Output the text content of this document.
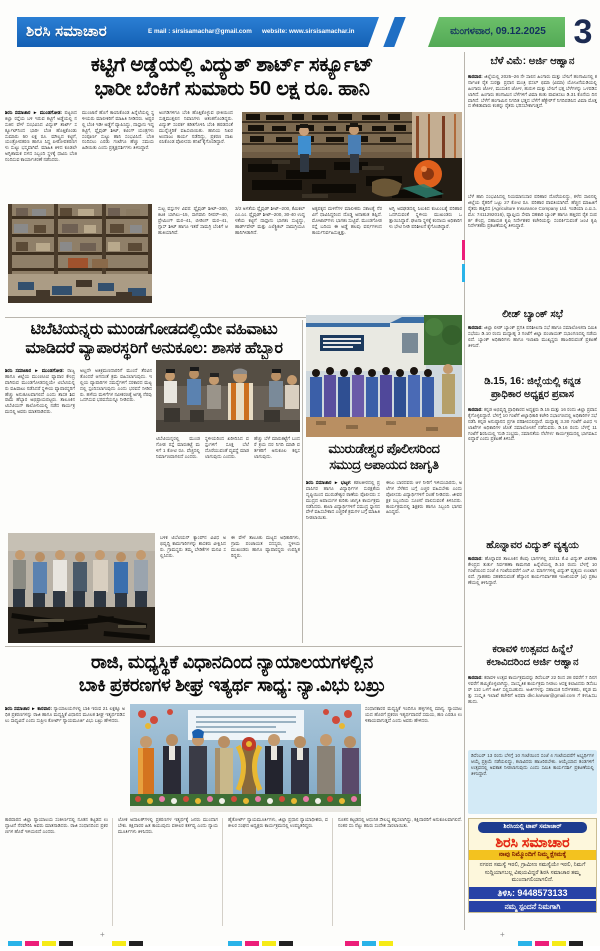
ಶಿರಸಿ ಸಮಾಚಾರ	E mail : sirsisamachar@gmail.com	website: www.sirsisamachar.in	ಮಂಗಳವಾರ, 09.12.2025 3
ಕಟ್ಟಿಗೆ ಅಡ್ಡೆಯಲ್ಲಿ ವಿದ್ಯುತ್ ಶಾರ್ಟ್ ಸರ್ಕ್ಯೂಟ್
ಭಾರೀ ಬೆಂಕಿಗೆ ಸುಮಾರು 50 ಲಕ್ಷ ರೂ. ಹಾನಿ
ಶಿರಸಿ ಸಮಾಚಾರ ► ಮುಂಡಗೋಡ: ಪಟ್ಟಣದ ಕಿಲ್ಲಾ ರಸ್ತೆಯ ಬಳಿ ಇರುವ ಕಟ್ಟಿಗೆ ಅಡ್ಡೆಯಲ್ಲಿ ನಸುಕಿನ ವೇಳೆ ಸಂಭವಿಸಿದ ವಿದ್ಯುತ್ ಶಾರ್ಟ್ ಸರ್ಕ್ಯೂಟ್‌ನಿಂದ ಭಾರೀ ಬೆಂಕಿ ಹೊತ್ತಿಕೊಂಡು ಸುಮಾರು 50 ಲಕ್ಷ ರೂ. ಮೌಲ್ಯದ ಕಟ್ಟಿಗೆ, ಯಂತ್ರೋಪಕರಣ ಹಾಗೂ ಸಿದ್ಧ ಪೀಠೋಪಕರಣಗಳು ಸುಟ್ಟು ಭಸ್ಮವಾಗಿವೆ. ಮಾಹಿತಿ ತಿಳಿದ ಕೂಡಲೇ ಅಗ್ನಿಶಾಮಕ ದಳದ ಸಿಬ್ಬಂದಿ ಸ್ಥಳಕ್ಕೆ ಧಾವಿಸಿ ಬೆಂಕಿ ನಂದಿಸುವ ಕಾರ್ಯಾಚರಣೆ ನಡೆಸಿದರು.
ಮುಂಜಾನೆ ಹೊಗೆ ಕಾಣಿಸಿಕೊಂಡ ಹಿನ್ನೆಲೆಯಲ್ಲಿ ಸ್ಥಳೀಯರು ಮಾಲೀಕರಿಗೆ ಮಾಹಿತಿ ನೀಡಿದರು. ಅಷ್ಟರಲ್ಲಿ ಬೆಂಕಿ ಇಡೀ ಅಡ್ಡೆಗೆ ವ್ಯಾಪಿಸಿದ್ದು, ದಾಸ್ತಾನು ಇದ್ದ ಕಟ್ಟಿಗೆ, ಪ್ಲೈವುಡ್ ಶೀಟ್, ಕಟಿಂಗ್ ಯಂತ್ರಗಳು ಸಂಪೂರ್ಣ ಸುಟ್ಟು ಹಾನಿ ಸಂಭವಿಸಿದೆ. ಬೆಂಕಿ ನಂದಿಸಲು ಎರಡು ಗಂಟೆಗೂ ಹೆಚ್ಚು ಸಮಯ ಹಿಡಿಯಿತು ಎಂದು ಪ್ರತ್ಯಕ್ಷದರ್ಶಿಗಳು ತಿಳಿಸಿದ್ದಾರೆ.
ಅಂಗಡಿಗಳಿಗೂ ಬೆಂಕಿ ಹೊತ್ತಿಕೊಳ್ಳುವ ಭೀತಿಯಿಂದ ಸುತ್ತಮುತ್ತಲಿನ ನಿವಾಸಿಗಳು ಆತಂಕಗೊಂಡಿದ್ದರು. ವಿದ್ಯುತ್ ಸಂಪರ್ಕ ಕಡಿತಗೊಳಿಸಿ ಬೆಂಕಿ ಹರಡದಂತೆ ಮುನ್ನೆಚ್ಚರಿಕೆ ವಹಿಸಲಾಯಿತು. ಹಾನಿಯ ನಿಖರ ಅಂದಾಜು ಕಾರ್ಯ ನಡೆದಿದ್ದು, ಪ್ರಕರಣ ದಾಖಲಿಸಿಕೊಂಡ ಪೊಲೀಸರು ತನಿಖೆ ಕೈಗೊಂಡಿದ್ದಾರೆ.
ಸುಟ್ಟ ವಸ್ತುಗಳ ವಿವರ: ಪ್ಲೈವುಡ್ ಶೀಟ್–300, ಕಿಟಕಿ ಬಾಗಿಲು–15, ಸಾಗವಾನಿ ರೀಪರ್–40, ಫ್ರೇಮಿಂಗ್ ಮರ–41, ಬೀಡಿಂಗ್ ಮರ–41, ಗ್ಲಾಸ್ ಶೀಟ್ ಹಾಗೂ ಇತರೆ ಸಾಮಗ್ರಿ ಬೆಂಕಿಗೆ ಆಹುತಿಯಾಗಿವೆ.
3/2 ಅಳತೆಯ ಪ್ಲೈವುಡ್ ಶೀಟ್–200, ಕೆಮಿಕಲ್ ಎಂ.ಎಂ. ಪ್ಲೈವುಡ್ ಶೀಟ್–200, 30-40 ಉದ್ದಳತೆಯ ಕಟ್ಟಿಗೆ ದಾಸ್ತಾನು ಭಾಗಶಃ ಸುಟ್ಟಿದ್ದು, ಹಾರ್ಡ್‌ವೇರ್ ಮತ್ತು ಎಲೆಕ್ಟ್ರಿಕಲ್ ಸಾಮಗ್ರಿಯೂ ಹಾನಿಗೀಡಾಗಿದೆ.
ಅಕ್ಕಪಕ್ಕದ ಮಳಿಗೆಗಳ ಮಾಲೀಕರು ಸಕಾಲಕ್ಕೆ ನೆರವಿಗೆ ಧಾವಿಸಿದ್ದರಿಂದ ದೊಡ್ಡ ಅನಾಹುತ ತಪ್ಪಿದೆ. ಮೋಟಾರ್‌ಗಳು ಭಾಗಶಃ ಸುಟ್ಟಿವೆ. ಮುಂಡಗೋಡ ರಸ್ತೆ ಬದಿಯ ಈ ಅಡ್ಡೆ ಹಲವು ವರ್ಷಗಳಿಂದ ಕಾರ್ಯನಿರ್ವಹಿಸುತ್ತಿತ್ತು.
ಅಗ್ನಿ ಅವಘಡದಲ್ಲಿ ಸಿಲುಕಿದ ಕುಟುಂಬಕ್ಕೆ ಪರಿಹಾರ ಒದಗಿಸುವಂತೆ ಸ್ಥಳೀಯ ಮುಖಂಡರು ಒತ್ತಾಯಿಸಿದ್ದಾರೆ. ಘಟನಾ ಸ್ಥಳಕ್ಕೆ ಕಂದಾಯ ಅಧಿಕಾರಿಗಳು ಭೇಟಿ ನೀಡಿ ಪರಿಶೀಲನೆ ಕೈಗೊಂಡಿದ್ದಾರೆ.
ಟಿಬೆಟಿಯನ್ನರು ಮುಂಡಗೋಡದಲ್ಲಿಯೇ ವಹಿವಾಟು
ಮಾಡಿದರೆ ವ್ಯಾಪಾರಸ್ಥರಿಗೆ ಅನುಕೂಲ: ಶಾಸಕ ಹೆಬ್ಬಾರ
ಶಿರಸಿ ಸಮಾಚಾರ ► ಮುಂಡಗೋಡ: ರಾಜ್ಯ ಹಾಗೂ ಜಿಲ್ಲೆಯ ಮುಂಚೂಣಿ ವ್ಯಾಪಾರ ಕೇಂದ್ರವಾಗಿರುವ ಮುಂಡಗೋಡದಲ್ಲಿಯೇ ಟಿಬೆಟಿಯನ್ನರು ವಹಿವಾಟು ನಡೆಸಿದರೆ ಸ್ಥಳೀಯ ವ್ಯಾಪಾರಸ್ಥರಿಗೆ ಹೆಚ್ಚು ಅನುಕೂಲವಾಗಲಿದೆ ಎಂದು ಶಾಸಕ ಶಿವರಾಮ ಹೆಬ್ಬಾರ ಅಭಿಪ್ರಾಯಪಟ್ಟರು. ತಾಲೂಕಿನ ಟಿಬೆಟಿಯನ್ ಕಾಲೋನಿಯಲ್ಲಿ ನಡೆದ ಕಾರ್ಯಕ್ರಮದಲ್ಲಿ ಅವರು ಮಾತನಾಡಿದರು.
ಅಲ್ಲದೇ ಅತಿಕ್ರಮಣದಾರರಿಗೆ ಮುಂದೆ ತೆರವಿನ ತೊಂದರೆ ಆಗದಂತೆ ಕ್ರಮ ವಹಿಸಲಾಗುವುದು. ಇಲ್ಲಿಯ ವ್ಯಾಪಾರಿಗಳ ಸಮಸ್ಯೆಗಳಿಗೆ ಸರಕಾರದ ಮಟ್ಟದಲ್ಲಿ ಸ್ಪಂದಿಸಲಾಗುವುದು ಎಂದು ಭರವಸೆ ನೀಡಿದರು. ಹಳೆಯ ಮಳಿಗೆಗಳ ನವೀಕರಣಕ್ಕೆ ಅಗತ್ಯ ನೆರವು ಒದಗಿಸುವ ಭರವಸೆಯನ್ನೂ ನೀಡಿದರು.
ಟಿಬೆಟಿಯನ್ನರಲ್ಲಿ ಮುಂಡಗೋಡ ರಸ್ತೆ ಮಾರುಕಟ್ಟೆ ಮಳಿಗೆ 1 ಕೋಟಿ ರೂ. ವೆಚ್ಚದಲ್ಲಿ ನಿರ್ಮಾಣವಾಗಲಿದೆ ಎಂದರು.
ಸ್ಥಳೀಯರಿಂದ ಖರೀದಿಸಿದ ವಸ್ತುಗಳಿಗೆ ಸೂಕ್ತ ಬೆಲೆ ದೊರೆಯುವಂತೆ ವ್ಯವಸ್ಥೆ ಮಾಡಲಾಗುವುದು ಎಂದರು.
ಹೆಚ್ಚು ಬೆಳೆ ಮಾರುಕಟ್ಟೆಗೆ ಬಂದರೆ ಕ್ರಯ ದರ ನಿಗದಿ ಮಾಡಿ ವರ್ತಕರಿಗೆ ಅನುಕೂಲ ಕಲ್ಪಿಸಲಾಗುವುದು.
ಬಳಿಕ ಟಿಬೆಟಿಯನ್ ಕ್ಯಾಂಪ್‌ನ ವಿವಿಧ ಅಭಿವೃದ್ಧಿ ಕಾಮಗಾರಿಗಳನ್ನು ಶಾಸಕರು ವೀಕ್ಷಿಸಿದರು. ಗ್ರಾಮಸ್ಥರು ತಮ್ಮ ಬೇಡಿಕೆಗಳ ಮನವಿ ಸಲ್ಲಿಸಿದರು.
ಈ ವೇಳೆ ತಾಲೂಕು ಮಟ್ಟದ ಅಧಿಕಾರಿಗಳು, ಗ್ರಾಮ ಪಂಚಾಯತ ಸದಸ್ಯರು, ಸ್ಥಳೀಯ ಮುಖಂಡರು ಹಾಗೂ ವ್ಯಾಪಾರಸ್ಥರು ಉಪಸ್ಥಿತರಿದ್ದರು.
ಮುರುಡೇಶ್ವರ ಪೊಲೀಸರಿಂದ
ಸಮುದ್ರ ಅಪಾಯದ ಜಾಗೃತಿ
ಶಿರಸಿ ಸಮಾಚಾರ ► ಭಟ್ಕಳ: ಕಡಲತೀರದಲ್ಲಿ ಪ್ರವಾಸಿಗರ ಹಾಗೂ ವಿದ್ಯಾರ್ಥಿಗಳ ಸುರಕ್ಷತೆಯ ದೃಷ್ಟಿಯಿಂದ ಮುರುಡೇಶ್ವರ ಠಾಣೆಯ ಪೊಲೀಸರು ಸಮುದ್ರದ ಅಪಾಯಗಳ ಕುರಿತು ಜಾಗೃತಿ ಕಾರ್ಯಕ್ರಮ ನಡೆಸಿದರು. ಶಾಲಾ ವಿದ್ಯಾರ್ಥಿಗಳಿಗೆ ಸಮುದ್ರ ಸ್ನಾನದ ವೇಳೆ ವಹಿಸಬೇಕಾದ ಎಚ್ಚರಿಕೆ ಕ್ರಮಗಳ ಬಗ್ಗೆ ಮಾಹಿತಿ ನೀಡಲಾಯಿತು.
ಈಜು ಬಾರದವರು ಆಳ ನೀರಿಗೆ ಇಳಿಯಬಾರದು, ಅಲೆಗಳ ಸೆಳೆತದ ಬಗ್ಗೆ ಎಚ್ಚರ ವಹಿಸಬೇಕು ಎಂದು ಪೊಲೀಸರು ವಿದ್ಯಾರ್ಥಿಗಳಿಗೆ ಸಲಹೆ ನೀಡಿದರು. ಜೀವರಕ್ಷಕ ಸಿಬ್ಬಂದಿಯ ಸೂಚನೆ ಪಾಲಿಸುವಂತೆ ತಿಳಿಸಿದರು. ಕಾರ್ಯಕ್ರಮದಲ್ಲಿ ಶಿಕ್ಷಕರು ಹಾಗೂ ಸಿಬ್ಬಂದಿ ಭಾಗವಹಿಸಿದ್ದರು.
ರಾಜಿ, ಮಧ್ಯಸ್ಥಿಕೆ ವಿಧಾನದಿಂದ ನ್ಯಾಯಾಲಯಗಳಲ್ಲಿನ
ಬಾಕಿ ಪ್ರಕರಣಗಳ ಶೀಘ್ರ ಇತ್ಯರ್ಥ ಸಾಧ್ಯ: ನ್ಯಾ.ವಿಭು ಬಖ್ರು
ಶಿರಸಿ ಸಮಾಚಾರ ► ಕಾರವಾರ: ನ್ಯಾಯಾಲಯಗಳಲ್ಲಿ ಬಾಕಿ ಇರುವ 21 ಲಕ್ಷಕ್ಕೂ ಅಧಿಕ ಪ್ರಕರಣಗಳನ್ನು ರಾಜಿ ಹಾಗೂ ಮಧ್ಯಸ್ಥಿಕೆ ವಿಧಾನದ ಮೂಲಕ ಶೀಘ್ರ ಇತ್ಯರ್ಥಪಡಿಸಲು ಸಾಧ್ಯವಿದೆ ಎಂದು ಸುಪ್ರೀಂ ಕೋರ್ಟ್ ನ್ಯಾಯಮೂರ್ತಿ ವಿಭು ಬಖ್ರು ಹೇಳಿದರು.
ಸಂಧಾನಕಾರರ ಮಧ್ಯಸ್ಥಿಕೆ ಇಂದಿಗೂ ಹಳ್ಳಿಗಳಲ್ಲಿ ಮಾನ್ಯ. ನ್ಯಾಯಾಲಯದ ಹೊರಗೆ ಪ್ರಕರಣ ಇತ್ಯರ್ಥವಾದರೆ ಸಮಯ, ಹಣ ಎರಡೂ ಉಳಿತಾಯವಾಗುತ್ತದೆ ಎಂದು ಅವರು ಹೇಳಿದರು.
ಕಾರವಾರದ ಜಿಲ್ಲಾ ನ್ಯಾಯಾಲಯ ಸಂಕೀರ್ಣದಲ್ಲಿ ನೂತನ ಕಟ್ಟಡದ ಉದ್ಘಾಟನೆ ನೆರವೇರಿಸಿ ಅವರು ಮಾತನಾಡಿದರು. ರಾಜಿ ಸಂಧಾನದಿಂದ ಪ್ರಕರಣಗಳ ಹೊರೆ ಇಳಿಯಲಿದೆ ಎಂದರು.
ಲೋಕ ಅದಾಲತ್‌ಗಳಲ್ಲಿ ಪ್ರಕರಣಗಳ ಇತ್ಯರ್ಥಕ್ಕೆ ಜನರು ಮುಂದಾಗಬೇಕು. ಕಕ್ಷಿದಾರರ ಹಿತ ಕಾಯುವುದು ವಕೀಲರ ಕರ್ತವ್ಯ ಎಂದು ನ್ಯಾಯಮೂರ್ತಿಗಳು ತಿಳಿಸಿದರು.
ಹೈಕೋರ್ಟ್ ನ್ಯಾಯಮೂರ್ತಿಗಳು, ಜಿಲ್ಲಾ ಪ್ರಧಾನ ನ್ಯಾಯಾಧೀಶರು, ವಕೀಲರ ಸಂಘದ ಅಧ್ಯಕ್ಷರು ಕಾರ್ಯಕ್ರಮದಲ್ಲಿ ಉಪಸ್ಥಿತರಿದ್ದರು.
ನೂತನ ಕಟ್ಟಡದಲ್ಲಿ ಆಧುನಿಕ ಸೌಲಭ್ಯ ಕಲ್ಪಿಸಲಾಗಿದ್ದು, ಕಕ್ಷಿದಾರರಿಗೆ ಅನುಕೂಲವಾಗಲಿದೆ. ನಂತರ ಸಸಿ ನೆಟ್ಟು ಹಸಿರು ಸಂದೇಶ ಸಾರಲಾಯಿತು.
ಬೆಳೆ ವಿಮೆ: ಅರ್ಜಿ ಆಹ್ವಾನ
ಕಾರವಾರ: ಜಿಲ್ಲೆಯಲ್ಲಿ 2025–26 ನೇ ಸಾಲಿನ ಹಿಂಗಾರು ಮತ್ತು ಬೇಸಿಗೆ ಹಂಗಾಮಿನಲ್ಲಿ ಕರ್ನಾಟಕ ರೈತ ಸುರಕ್ಷಾ ಪ್ರಧಾನ ಮಂತ್ರಿ ಫಸಲ್ ಭಿಮಾ (ವಿಮಾ) ಯೋಜನೆಯಡಿಯಲ್ಲಿ ಹಿಂಗಾರು ಜೋಳ, ಮುಸುಕಿನ ಜೋಳ, ಹುರುಳಿ ಮತ್ತು ಬೇಸಿಗೆ ಭತ್ತ ಬೆಳೆಗಳನ್ನು ಒಳಪಡಿಸಲಾಗಿದೆ. ಹಿಂಗಾರು ಹಂಗಾಮಿನ ಬೆಳೆಗಳಿಗೆ ವಿಮಾ ಕಂತು ಪಾವತಿಸಲು ಡಿ.31 ಕೊನೆಯ ದಿನವಾಗಿದೆ. ಬೆಳೆಗೆ ಹಂಗಾಮಿನ ನಿಗದಿತ ಭತ್ತದ ಬೆಳೆಗೆ ಹೆಕ್ಟೇರ್‌ಗೆ ನಿಗದಿಪಡಿಸಿದ ವಿಮಾ ಮೊತ್ತದ ಶೇಕಡಾವಾರು ಕಂತನ್ನು ರೈತರು ಭರಿಸಬೇಕಾಗುತ್ತದೆ.
ಬೆಳೆ ಹಾನಿ ಸಂಭವಿಸಿದಲ್ಲಿ ನಿಯಮಾನುಸಾರ ಪರಿಹಾರ ದೊರೆಯಲಿದ್ದು, ಕಳೆದ ಸಾಲಿನಲ್ಲಿ ಜಿಲ್ಲೆಯ ರೈತರಿಗೆ ಒಟ್ಟು 27 ಕೋಟಿ ರೂ. ಪರಿಹಾರ ಪಾವತಿಯಾಗಿದೆ. ಹೆಚ್ಚಿನ ಮಾಹಿತಿಗೆ ರೈತರು ಹತ್ತಿರದ (Agriculture Insurance Company Ltd. ಇಂಡಿಯಾ ಎ.ಐ.ಸಿ. ಮೊ: 7411292016), ವ್ಯಾಪ್ತಿಯ ಸೇವಾ ಸಹಕಾರಿ ಬ್ಯಾಂಕ್ ಹಾಗೂ ಹತ್ತಿರದ ರೈತ ಸಂಪರ್ಕ ಕೇಂದ್ರ, ಸಹಾಯಕ ಕೃಷಿ ನಿರ್ದೇಶಕರ ಕಚೇರಿಯನ್ನು ಸಂಪರ್ಕಿಸುವಂತೆ ಜಂಟಿ ಕೃಷಿ ನಿರ್ದೇಶಕರು ಪ್ರಕಟಣೆಯಲ್ಲಿ ತಿಳಿಸಿದ್ದಾರೆ.
ಲೀಡ್ ಬ್ಯಾಂಕ್ ಸಭೆ
ಕಾರವಾರ: ಜಿಲ್ಲಾ ಲೀಡ್ ಬ್ಯಾಂಕ್ ಪ್ರಗತಿ ಪರಿಶೀಲನಾ ಸಭೆ ಹಾಗೂ ಸಮಾಲೋಚನಾ ಸಮಿತಿ ಸಭೆಯು ಡಿ.10 ರಂದು ಮಧ್ಯಾಹ್ನ 3 ಗಂಟೆಗೆ ಜಿಲ್ಲಾ ಪಂಚಾಯತ್ ಸಭಾಂಗಣದಲ್ಲಿ ನಡೆಯಲಿದೆ. ಬ್ಯಾಂಕ್ ಅಧಿಕಾರಿಗಳು ಹಾಗೂ ಇಲಾಖಾ ಮುಖ್ಯಸ್ಥರು ಹಾಜರಿರುವಂತೆ ಪ್ರಕಟಣೆ ತಿಳಿಸಿದೆ.
ಡಿ.15, 16: ಜಿಲ್ಲೆಯಲ್ಲಿ ಕನ್ನಡ
ಪ್ರಾಧಿಕಾರ ಅಧ್ಯಕ್ಷರ ಪ್ರವಾಸ
ಕಾರವಾರ: ಕನ್ನಡ ಅಭಿವೃದ್ಧಿ ಪ್ರಾಧಿಕಾರದ ಅಧ್ಯಕ್ಷರು ಡಿ.15 ಮತ್ತು 16 ರಂದು ಜಿಲ್ಲಾ ಪ್ರವಾಸ ಕೈಗೊಳ್ಳಲಿದ್ದಾರೆ. ಬೆಳಗ್ಗೆ 10 ಗಂಟೆಗೆ ಜಿಲ್ಲಾಧಿಕಾರಿ ಕಚೇರಿ ಸಭಾಂಗಣದಲ್ಲಿ ಅಧಿಕಾರಿಗಳ ಸಭೆ ನಡೆಸಿ ಕನ್ನಡ ಅನುಷ್ಠಾನದ ಪ್ರಗತಿ ಪರಿಶೀಲಿಸಲಿದ್ದಾರೆ. ಮಧ್ಯಾಹ್ನ 3.30 ಗಂಟೆಗೆ ವಿವಿಧ ಇಲಾಖೆಗಳ ಅಧಿಕಾರಿಗಳ ಜೊತೆ ಸಮಾಲೋಚನೆ ನಡೆಸುವರು. ಡಿ.16 ರಂದು ಬೆಳಗ್ಗೆ 11 ಗಂಟೆಗೆ ಶಿರಸಿಯಲ್ಲಿ 'ನುಡಿ ಸಂಭ್ರಮ, ಸಮಾನತೆಯ ನೆಲೆಗಳು' ಕಾರ್ಯಕ್ರಮದಲ್ಲಿ ಭಾಗವಹಿಸಲಿದ್ದಾರೆ ಎಂದು ಪ್ರಕಟಣೆ ತಿಳಿಸಿದೆ.
ಹೊನ್ನಾವರ ವಿದ್ಯುತ್ ವ್ಯತ್ಯಯ
ಕಾರವಾರ: ಹೊನ್ನಾವರ ತಾಲೂಕಿನ ಕೆಲವು ಭಾಗಗಳಲ್ಲಿ 33/11 ಕೆ.ವಿ ವಿದ್ಯುತ್ ವಿತರಣಾ ಕೇಂದ್ರದ ತುರ್ತು ನಿರ್ವಹಣಾ ಕಾಮಗಾರಿ ಹಿನ್ನೆಲೆಯಲ್ಲಿ ಡಿ.10 ರಂದು ಬೆಳಗ್ಗೆ 10 ಗಂಟೆಯಿಂದ ಸಂಜೆ 4 ಗಂಟೆಯವರೆಗೆ ಎಲ್.ಟಿ. ಮಾರ್ಗಗಳಲ್ಲಿ ವಿದ್ಯುತ್ ವ್ಯತ್ಯಯ ಉಂಟಾಗಲಿದೆ. ಗ್ರಾಹಕರು ಸಹಕರಿಸುವಂತೆ ಹೆಸ್ಕಾಂನ ಕಾರ್ಯನಿರ್ವಾಹಕ ಇಂಜಿನಿಯರ್ (ವಿ) ಪ್ರಕಟಣೆಯಲ್ಲಿ ತಿಳಿಸಿದ್ದಾರೆ.
ಕರಾವಳಿ ಉತ್ಸವದ ಹಿನ್ನೆಲೆ
ಕಲಾವಿದರಿಂದ ಅರ್ಜಿ ಆಹ್ವಾನ
ಕಾರವಾರ: ಕರಾವಳಿ ಉತ್ಸವ ಕಾರ್ಯಕ್ರಮವನ್ನು ಡಿಸೆಂಬರ್ 22 ರಿಂದ 28 ರವರೆಗೆ 7 ದಿನಗಳವರೆಗೆ ಹಮ್ಮಿಕೊಳ್ಳಲಾಗಿದ್ದು, ಸಾಂಸ್ಕೃತಿಕ ಕಾರ್ಯಕ್ರಮ ನೀಡಲು ಆಸಕ್ತ ಕಲಾವಿದರು ಡಿಸೆಂಬರ್ 11ರ ಒಳಗೆ ಅರ್ಜಿ ಸಲ್ಲಿಸಬಹುದು. ಅರ್ಜಿಗಳನ್ನು ಸಹಾಯಕ ನಿರ್ದೇಶಕರು, ಕನ್ನಡ ಮತ್ತು ಸಂಸ್ಕೃತಿ ಇಲಾಖೆ ಕಚೇರಿಗೆ ಅಥವಾ dkc.karwar@gmail.com ಗೆ ಕಳುಹಿಸಬಹುದು.
ಡಿಸೆಂಬರ್ 13 ರಂದು ಬೆಳಗ್ಗೆ 10 ಗಂಟೆಯಿಂದ ಸಂಜೆ 4 ಗಂಟೆಯವರೆಗೆ ಅಭ್ಯರ್ಥಿಗಳ ಆಯ್ಕೆ ಪ್ರಕ್ರಿಯೆ ನಡೆಯಲಿದ್ದು, ಕಲಾವಿದರು ಹಾಜರಿರಬೇಕು. ಆಯ್ಕೆಯಾದ ತಂಡಗಳಿಗೆ ಉತ್ಸವದಲ್ಲಿ ಅವಕಾಶ ನೀಡಲಾಗುವುದು ಎಂದು ಸಮಿತಿ ಕಾರ್ಯದರ್ಶಿ ಪ್ರಕಟಣೆಯಲ್ಲಿ ತಿಳಿಸಿದ್ದಾರೆ.
ಶಿರಸಿಯಲ್ಲಿ ಟಾಪ್ ಸಮಾಚಾರ್
ಶಿರಸಿ ಸಮಾಚಾರ
ನಾವು ನಿಮ್ಮೊಂದಿಗೆ ನಿಮ್ಮ ಕ್ಷೇಮಕ್ಕೆ
ನಗರದ ಸಮಸ್ಯೆ ಇರಲಿ, ಗ್ರಾಮೀಣ ಸಮಸ್ಯೆಯೇ ಇರಲಿ, ನಿಮಗೆ ಸುದ್ದಿಯಾಗಬಲ್ಲ ವಿಷಯವಿದ್ದರೆ ಶಿರಸಿ ಸಮಾಚಾರ ತಮ್ಮ ಮುಂದಾಗಲಿಯಾಗಲಿದೆ.
ತಿಳಿಸಿ: 9448573133
ನಮ್ಮ ಸ್ಪಂದನೆ ನಿಮಗಾಗಿ
+	+
